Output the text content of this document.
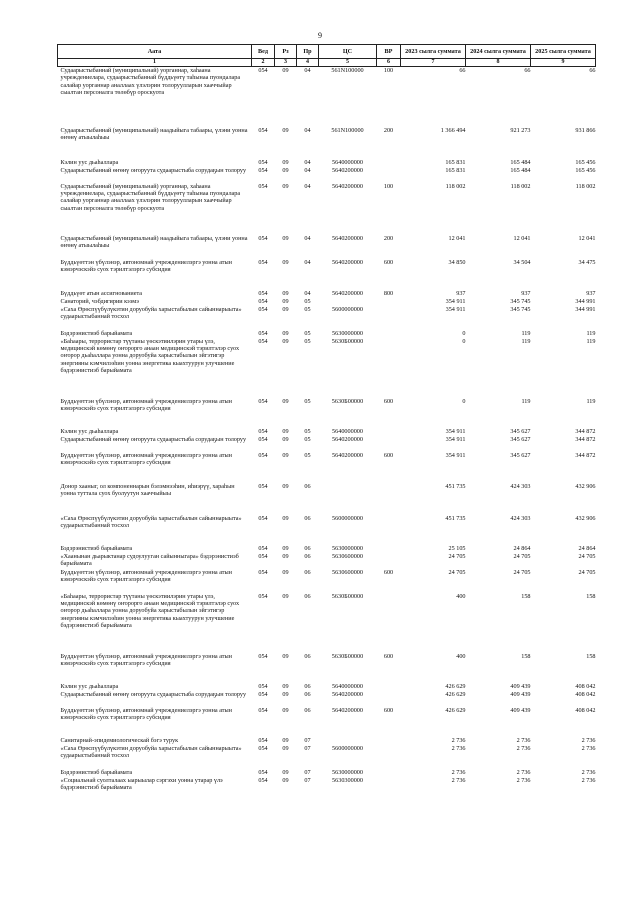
9
Аата	Вед	Рз	Пр	ЦС	ВР	2023 сылга суммата	2024 сылга суммата	2025 сылга суммата
1	2	3	4	5	6	7	8	9
Судаарыстыбаннай (муниципальнай) уорганнар, хаһаана учреждениелара, судаарыстыбаннай бүддьүөтү таһынаа пуондалара салайар уорганнар аналлаах үлэлэрин толоруулларын хааччыйар сыалтан персоналга төлөбүр ороскуота	054	09	04	561N100000	100	66	66	66
Судаарыстыбаннай (муниципальнай) наадыйыга табаары, үлэни уонна өҥөнү атыылаһыы	054	09	04	561N100000	200	1 366 494	921 273	931 866
Кэлин уус дьаһаллара	054	09	04	5640000000		165 831	165 484	165 456
Судаарыстыбаннай өҥөнү оҥоруута судаарыстыба сорудаҕын толоруу	054	09	04	5640200000		165 831	165 484	165 456
Судаарыстыбаннай (муниципальнай) уорганнар, хаһаана учреждениелара, судаарыстыбаннай бүддьүөтү таһынаа пуондалара салайар уорганнар аналлаах үлэлэрин толоруулларын хааччыйар сыалтан персоналга төлөбүр ороскуота	054	09	04	5640200000	100	118 002	118 002	118 002
Судаарыстыбаннай (муниципальнай) наадыйыга табаары, үлэни уонна өҥөнү атыылаһыы	054	09	04	5640200000	200	12 041	12 041	12 041
Бүддьүөттэн үбүлэнэр, автономнай учреждениелэргэ уонна атын кэмэрчэскэйэ суох тэрилтэлэргэ субсидия	054	09	04	5640200000	600	34 850	34 504	34 475
Бүддьүөт атын ассигнованиета	054	09	04	5640200000	800	937	937	937
Санаторий, чэбдигирии кээмэ	054	09	05			354 911	345 745	344 991
«Саха Өрөспүүбүлүкэтин доруобуйа харыстабылын сайыннарыыта» судаарыстыбаннай тосхол	054	09	05	5600000000		354 911	345 745	344 991
Бэдэрэнистиэб барыйамата	054	09	05	5630000000		0	119	119
«Баһаары, террористар түүтаны үөскэтиилэрин утары үлэ, медицинскэй көмөнү оҥорорго анаан медицинскэй тэрилтэлэр суох оҥорор дьаһаллара уонна доруобуйа харыстабылын эйгэтигэр энергияны кэмчилээһин уонна энергетика кыахтуурун улучшение бэдэрэнистиэб барыйамата	054	09	05	5630Б00000		0	119	119
Бүддьүөттэн үбүлэнэр, автономнай учреждениелэргэ уонна атын кэмэрчэскэйэ суох тэрилтэлэргэ субсидия	054	09	05	5630Б00000	600	0	119	119
Кэлин уус дьаһаллара	054	09	05	5640000000		354 911	345 627	344 872
Судаарыстыбаннай өҥөнү оҥоруута судаарыстыба сорудаҕын толоруу	054	09	05	5640200000		354 911	345 627	344 872
Бүддьүөттэн үбүлэнэр, автономнай учреждениелэргэ уонна атын кэмэрчэскэйэ суох тэрилтэлэргэ субсидия	054	09	05	5640200000	600	354 911	345 627	344 872
Донор хааныг, ол компоненнарын бэлэмнээһин, иһиэрүү, хараһын уонна туттала суох буолуутун хааччыйыы	054	09	06			451 735	424 303	432 906
«Саха Өрөспүүбүлүкэтин доруобуйа харыстабылын сайыннарыыта» судаарыстыбаннай тосхол	054	09	06	5600000000		451 735	424 303	432 906
Бэдэрэнистиэб барыйамата	054	09	06	5630000000		25 105	24 864	24 864
«Хаанынан дьарыктанар судоулууган сайынныгара» бэдэрэнистиэб барыйамата	054	09	06	5630600000		24 705	24 705	24 705
Бүддьүөттэн үбүлэнэр, автономнай учреждениелэргэ уонна атын кэмэрчэскэйэ суох тэрилтэлэргэ субсидия	054	09	06	5630600000	600	24 705	24 705	24 705
«Баһаары, террористар түүтаны үөскэтиилэрин утары үлэ, медицинскэй көмөнү оҥорорго анаан медицинскэй тэрилтэлэр суох оҥорор дьаһаллара уонна доруобуйа харыстабылын эйгэтигэр энергияны кэмчилээһин уонна энергетика кыахтуурун улучшение бэдэрэнистиэб барыйамата	054	09	06	5630Б00000		400	158	158
Бүддьүөттэн үбүлэнэр, автономнай учреждениелэргэ уонна атын кэмэрчэскэйэ суох тэрилтэлэргэ субсидия	054	09	06	5630Б00000	600	400	158	158
Кэлин уус дьаһаллара	054	09	06	5640000000		426 629	409 439	408 042
Судаарыстыбаннай өҥөнү оҥоруута судаарыстыба сорудаҕын толоруу	054	09	06	5640200000		426 629	409 439	408 042
Бүддьүөттэн үбүлэнэр, автономнай учреждениелэргэ уонна атын кэмэрчэскэйэ суох тэрилтэлэргэ субсидия	054	09	06	5640200000	600	426 629	409 439	408 042
Санитарнай-эпидемиологическай бэгэ турук	054	09	07			2 736	2 736	2 736
«Саха Өрөспүүбүлүкэтин доруобуйа харыстабылын сайыннарыыта» судаарыстыбаннай тосхол	054	09	07	5600000000		2 736	2 736	2 736
Бэдэрэнистиэб барыйамата	054	09	07	5630000000		2 736	2 736	2 736
«Социальнай суолталаах ыарыылар сэргэхи уонна утарар үлэ бэдэрэнистиэб барыйамата	054	09	07	5630300000		2 736	2 736	2 736
